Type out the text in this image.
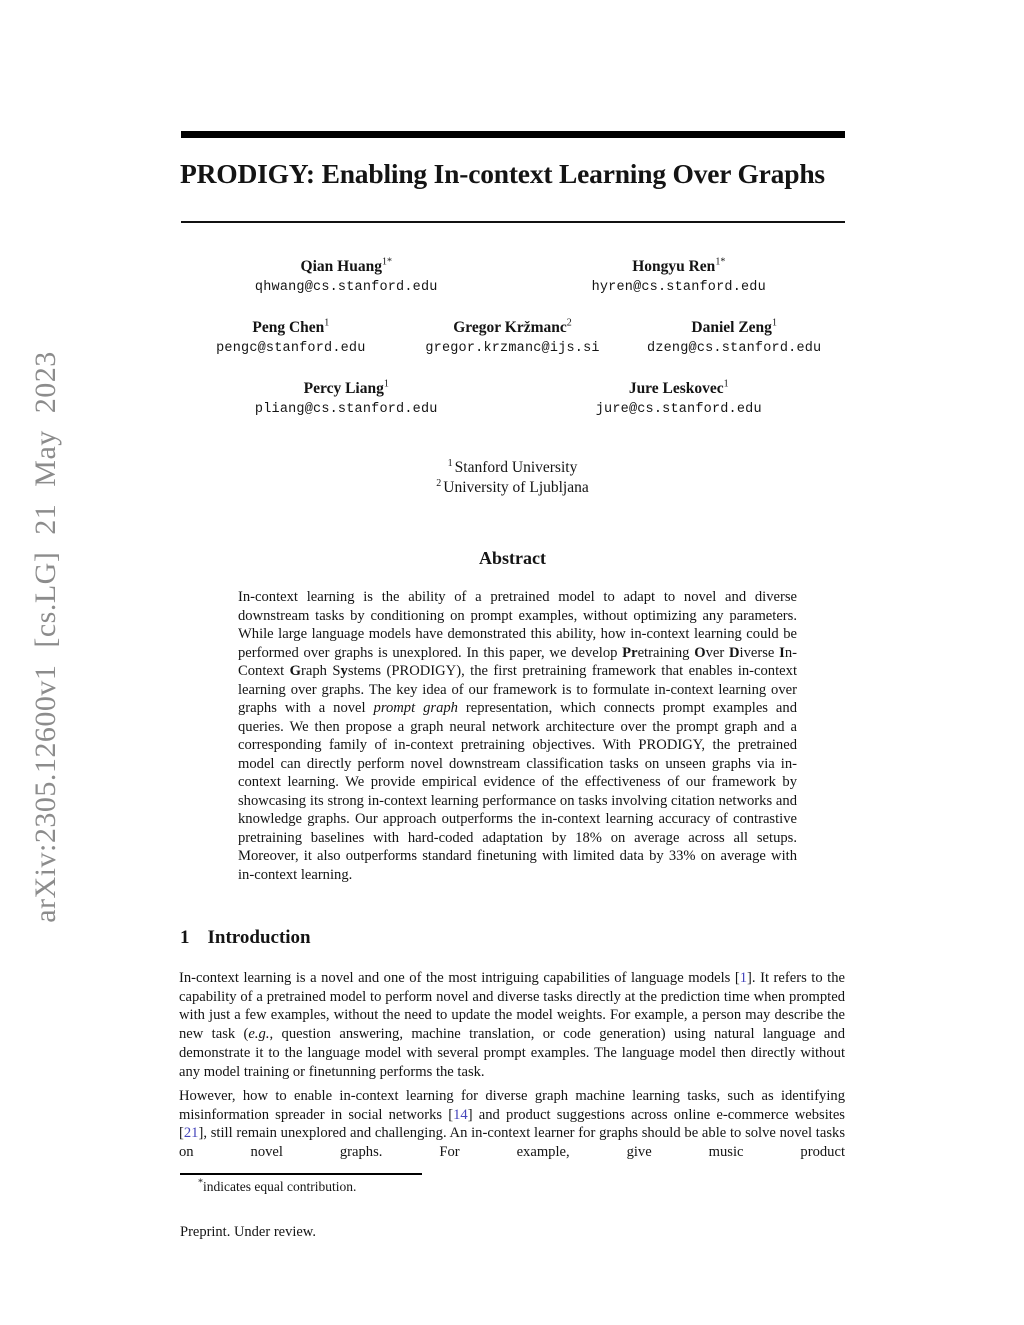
arXiv:2305.12600v1 [cs.LG] 21 May 2023
PRODIGY: Enabling In-context Learning Over Graphs
Qian Huang$^{1*}$
qhwang@cs.stanford.edu
Hongyu Ren$^{1*}$
hyren@cs.stanford.edu
Peng Chen$^1$
pengc@stanford.edu
Gregor Kržmanc$^2$
gregor.krzmanc@ijs.si
Daniel Zeng$^1$
dzeng@cs.stanford.edu
Percy Liang$^1$
pliang@cs.stanford.edu
Jure Leskovec$^1$
jure@cs.stanford.edu
$^1$ Stanford University
$^2$ University of Ljubljana
Abstract
In-context learning is the ability of a pretrained model to adapt to novel and diverse downstream tasks by conditioning on prompt examples, without optimizing any parameters. While large language models have demonstrated this ability, how in-context learning could be performed over graphs is unexplored. In this paper, we develop Pretraining Over Diverse In-Context Graph Systems (PRODIGY), the first pretraining framework that enables in-context learning over graphs. The key idea of our framework is to formulate in-context learning over graphs with a novel prompt graph representation, which connects prompt examples and queries. We then propose a graph neural network architecture over the prompt graph and a corresponding family of in-context pretraining objectives. With PRODIGY, the pretrained model can directly perform novel downstream classification tasks on unseen graphs via in-context learning. We provide empirical evidence of the effectiveness of our framework by showcasing its strong in-context learning performance on tasks involving citation networks and knowledge graphs. Our approach outperforms the in-context learning accuracy of contrastive pretraining baselines with hard-coded adaptation by 18% on average across all setups. Moreover, it also outperforms standard finetuning with limited data by 33% on average with in-context learning.
1 Introduction

In-context learning is a novel and one of the most intriguing capabilities of language models [1]. It refers to the capability of a pretrained model to perform novel and diverse tasks directly at the prediction time when prompted with just a few examples, without the need to update the model weights. For example, a person may describe the new task (e.g., question answering, machine translation, or code generation) using natural language and demonstrate it to the language model with several prompt examples. The language model then directly without any model training or finetunning performs the task.

However, how to enable in-context learning for diverse graph machine learning tasks, such as identifying misinformation spreader in social networks [14] and product suggestions across online e-commerce websites [21], still remain unexplored and challenging. An in-context learner for graphs should be able to solve novel tasks on novel graphs. For example, give music product

*indicates equal contribution.
Preprint. Under review.
